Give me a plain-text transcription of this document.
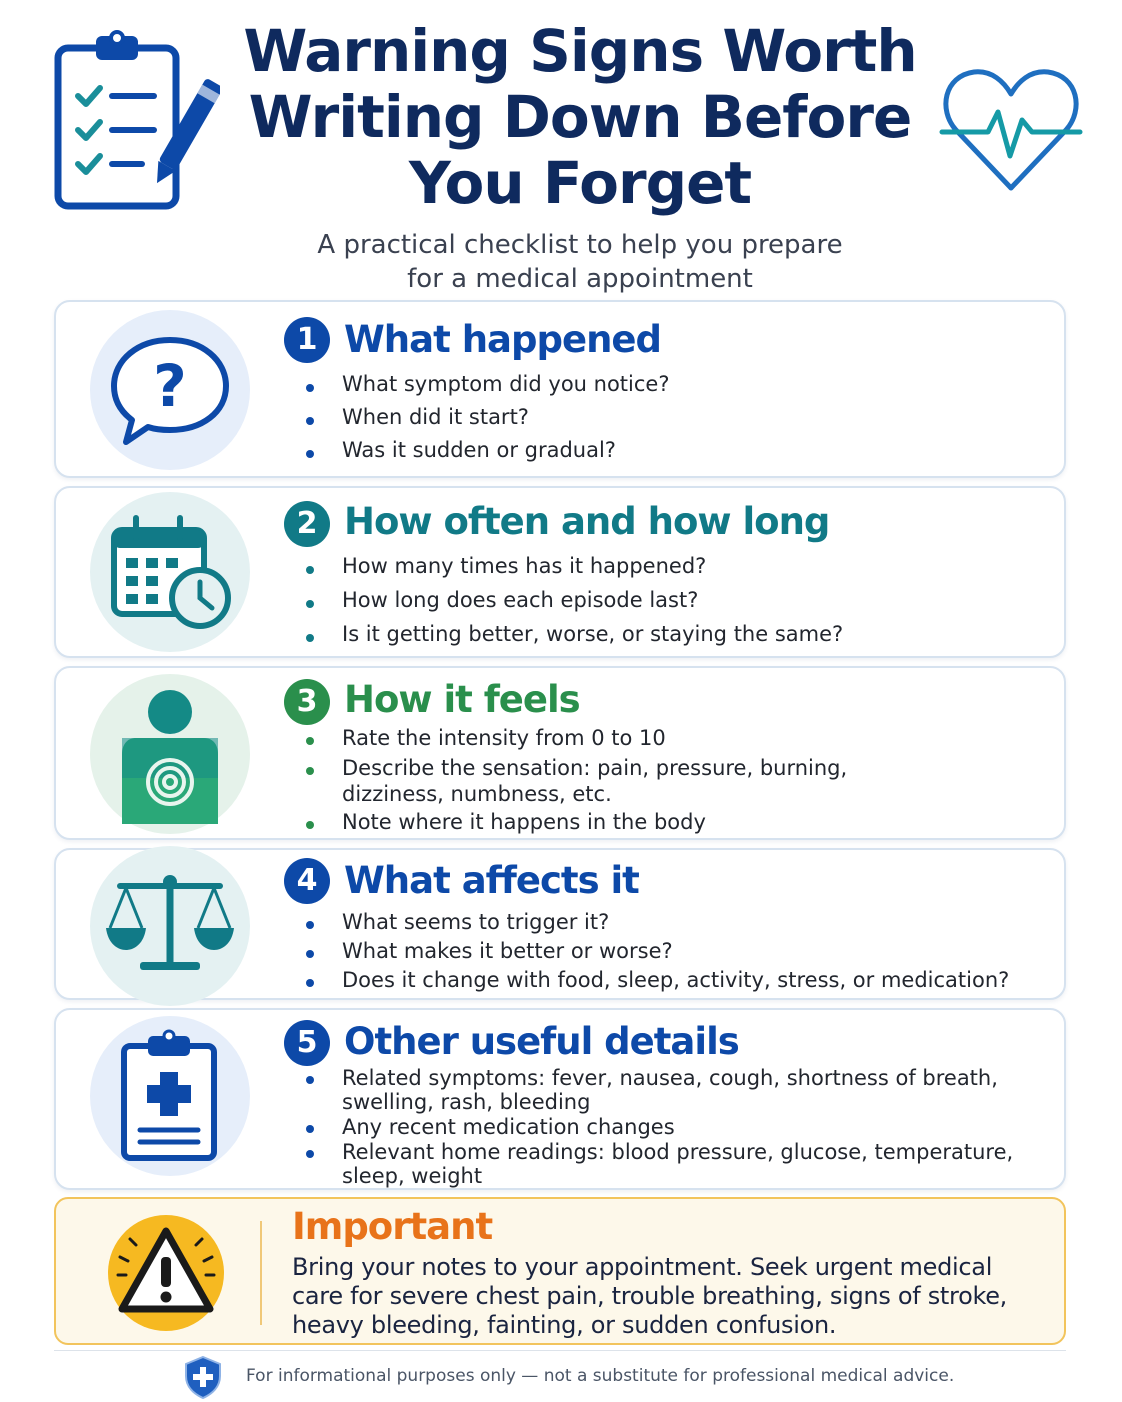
Warning Signs Worth
Writing Down Before
You Forget
A practical checklist to help you prepare
for a medical appointment
?
1 What happened
What symptom did you notice?
When did it start?
Was it sudden or gradual?
2 How often and how long
How many times has it happened?
How long does each episode last?
Is it getting better, worse, or staying the same?
3 How it feels
Rate the intensity from 0 to 10
Describe the sensation: pain, pressure, burning,
dizziness, numbness, etc.
Note where it happens in the body
4 What affects it
What seems to trigger it?
What makes it better or worse?
Does it change with food, sleep, activity, stress, or medication?
5 Other useful details
Related symptoms: fever, nausea, cough, shortness of breath,
swelling, rash, bleeding
Any recent medication changes
Relevant home readings: blood pressure, glucose, temperature,
sleep, weight
Important
Bring your notes to your appointment. Seek urgent medical care for severe chest pain, trouble breathing, signs of stroke, heavy bleeding, fainting, or sudden confusion.
For informational purposes only — not a substitute for professional medical advice.
